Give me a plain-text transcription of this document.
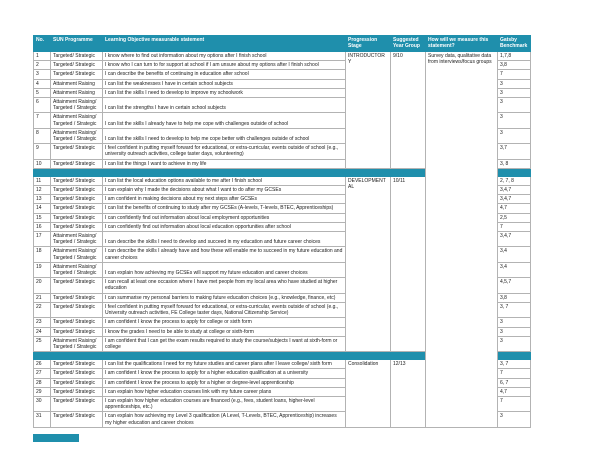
No.	SUN Programme	Learning Objective measurable statement	Progression Stage	Suggested Year Group	How will we measure this statement?	Gatsby Benchmark
1	Targeted/ Strategic	I know where to find out information about my options after I finish school	INTRODUCTORY	9/10	Survey data, qualitative data from interviews/focus groups	1,7,8
2	Targeted/ Strategic	I know who I can turn to for support at school if I am unsure about my options after I finish school				3,8
3	Targeted/ Strategic	I can describe the benefits of continuing in education after school				7
4	Attainment Raising	I can list the weaknesses I have in certain school subjects				3
5	Attainment Raising	I can list the skills I need to develop to improve my schoolwork				3
6	Attainment Raising/ Targeted / Strategic	I can list the strengths I have in certain school subjects				3
7	Attainment Raising/ Targeted / Strategic	I can list the skills I already have to help me cope with challenges outside of school				3
8	Attainment Raising/ Targeted / Strategic	I can list the skills I need to develop to help me cope better with challenges outside of school				3
9	Targeted/ Strategic	I feel confident in putting myself forward for educational, or extra-curricular, events outside of school (e.g., university outreach activities, college taster days, volunteering)				3,7
10	Targeted/ Strategic	I can list the things I want to achieve in my life				3, 8

11	Targeted/ Strategic	I can list the local education options available to me after I finish school	DEVELOPMENTAL	10/11		2, 7, 8
12	Targeted/ Strategic	I can explain why I made the decisions about what I want to do after my GCSEs				3,4,7
13	Targeted/ Strategic	I am confident in making decisions about my next steps after GCSEs				3,4,7
14	Targeted/ Strategic	I can list the benefits of continuing to study after my GCSEs (A-levels, T-levels, BTEC, Apprenticeships)				4,7
15	Targeted/ Strategic	I can confidently find out information about local employment opportunities				2,5
16	Targeted/ Strategic	I can confidently find out information about local education opportunities after school				7
17	Attainment Raising/ Targeted / Strategic	I can describe the skills I need to develop and succeed in my education and future career choices				3,4,7
18	Attainment Raising/ Targeted / Strategic	I can describe the skills I already have and how these will enable me to succeed in my future education and career choices				3,4
19	Attainment Raising/ Targeted / Strategic	I can explain how achieving my GCSEs will support my future education and career choices				3,4
20	Targeted/ Strategic	I can recall at least one occasion where I have met people from my local area who have studied at higher education				4,5,7
21	Targeted/ Strategic	I can summarise my personal barriers to making future education choices (e.g., knowledge, finance, etc)				3,8
22	Targeted/ Strategic	I feel confident in putting myself forward for educational, or extra-curricular, events outside of school (e.g., University outreach activities, FE College taster days, National Citizenship Service)				3, 7
23	Targeted/ Strategic	I am confident I know the process to apply for college or sixth form				3
24	Targeted/ Strategic	I know the grades I need to be able to study at college or sixth-form				3
25	Attainment Raising/ Targeted / Strategic	I am confident that I can get the exam results required to study the course/subjects I want at sixth-form or college				3

26	Targeted/ Strategic	I can list the qualifications I need for my future studies and career plans after I leave college/ sixth form	Consolidation	12/13		3, 7
27	Targeted/ Strategic	I am confident I know the process to apply for a higher education qualification at a university				7
28	Targeted/ Strategic	I am confident I know the process to apply for a higher or degree-level apprenticeship				6, 7
29	Targeted/ Strategic	I can explain how higher education courses link with my future career plans				4,7
30	Targeted/ Strategic	I can explain how higher education courses are financed (e.g., fees, student loans, higher-level apprenticeships, etc.)				7
31	Targeted/ Strategic	I can explain how achieving my Level 3 qualification (A Level, T-Levels, BTEC, Apprenticeship) increases my higher education and career choices				3
